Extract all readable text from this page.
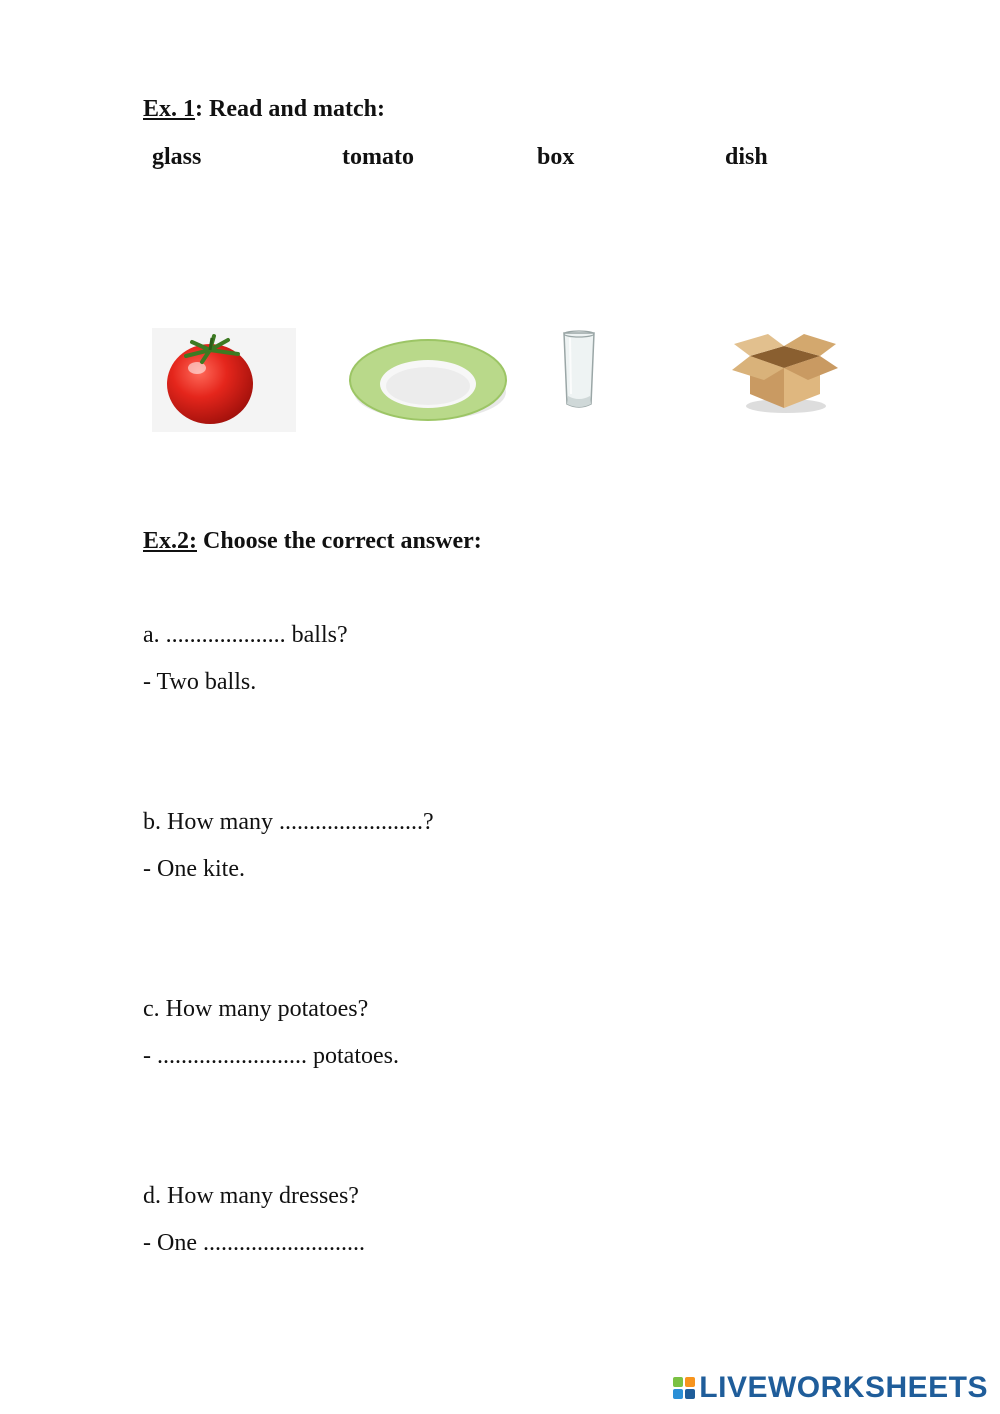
Ex. 1: Read and match:
glass	tomato	box	dish
Ex.2: Choose the correct answer:
a. .................... balls?
- Two balls.
b. How many ........................?
- One kite.
c. How many potatoes?
- ......................... potatoes.
d. How many dresses?
- One ...........................
LIVEWORKSHEETS
